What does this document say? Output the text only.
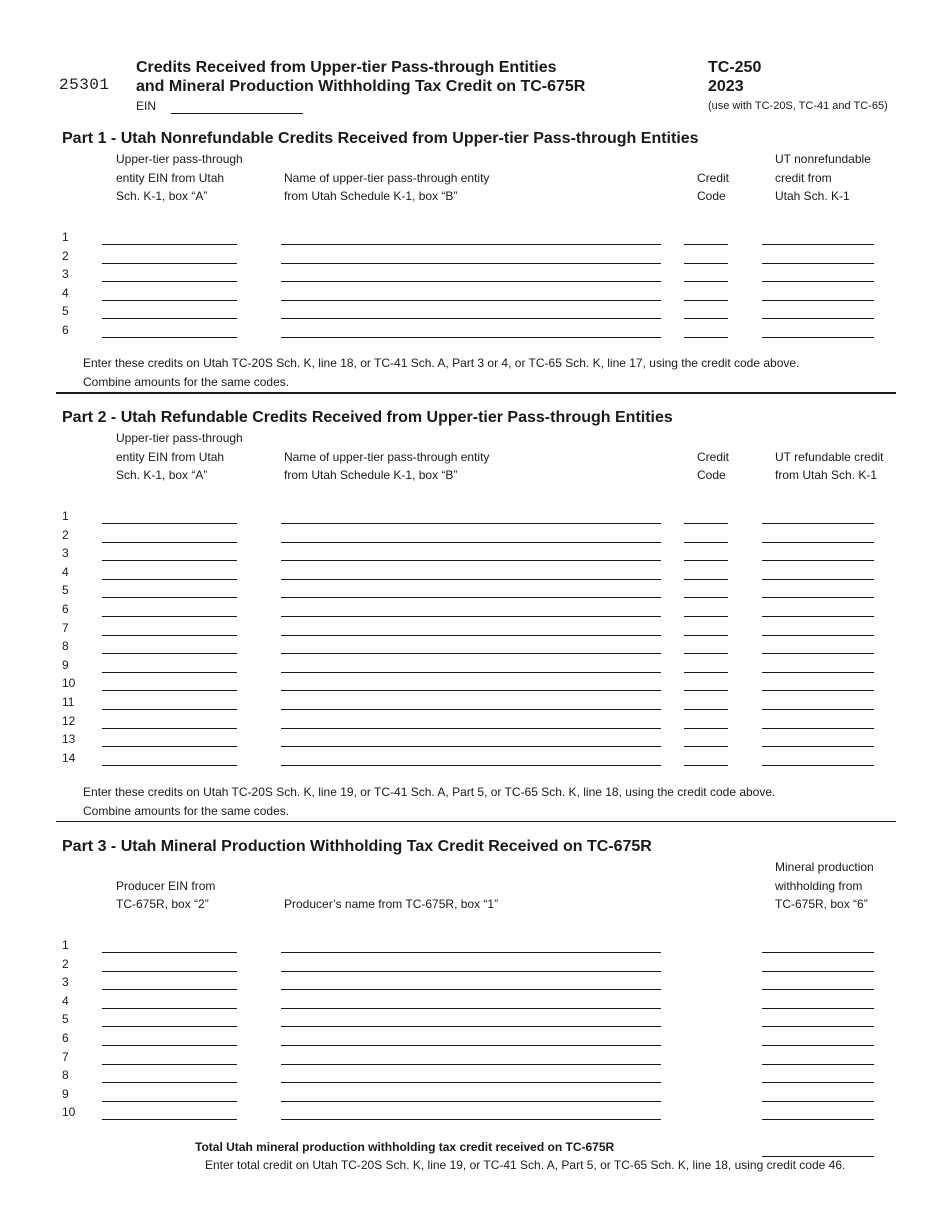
25301
Credits Received from Upper-tier Pass-through Entities
and Mineral Production Withholding Tax Credit on TC-675R
TC-250
2023
EIN	(use with TC-20S, TC-41 and TC-65)
Part 1 - Utah Nonrefundable Credits Received from Upper-tier Pass-through Entities
Upper-tier pass-through
entity EIN from Utah
Sch. K-1, box “A”
Name of upper-tier pass-through entity
from Utah Schedule K-1, box “B”
Credit
Code
UT nonrefundable
credit from
Utah Sch. K-1
1
2
3
4
5
6
Enter these credits on Utah TC-20S Sch. K, line 18, or TC-41 Sch. A, Part 3 or 4, or TC-65 Sch. K, line 17, using the credit code above.
Combine amounts for the same codes.
Part 2 - Utah Refundable Credits Received from Upper-tier Pass-through Entities
Upper-tier pass-through
entity EIN from Utah
Sch. K-1, box “A”
Name of upper-tier pass-through entity
from Utah Schedule K-1, box “B”
Credit
Code
UT refundable credit
from Utah Sch. K-1
1
2
3
4
5
6
7
8
9
10
11
12
13
14
Enter these credits on Utah TC-20S Sch. K, line 19, or TC-41 Sch. A, Part 5, or TC-65 Sch. K, line 18, using the credit code above.
Combine amounts for the same codes.
Part 3 - Utah Mineral Production Withholding Tax Credit Received on TC-675R
Producer EIN from
TC-675R, box “2”	Producer’s name from TC-675R, box “1”
Mineral production
withholding from
TC-675R, box “6”
1
2
3
4
5
6
7
8
9
10
Total Utah mineral production withholding tax credit received on TC-675R
Enter total credit on Utah TC-20S Sch. K, line 19, or TC-41 Sch. A, Part 5, or TC-65 Sch. K, line 18, using credit code 46.
